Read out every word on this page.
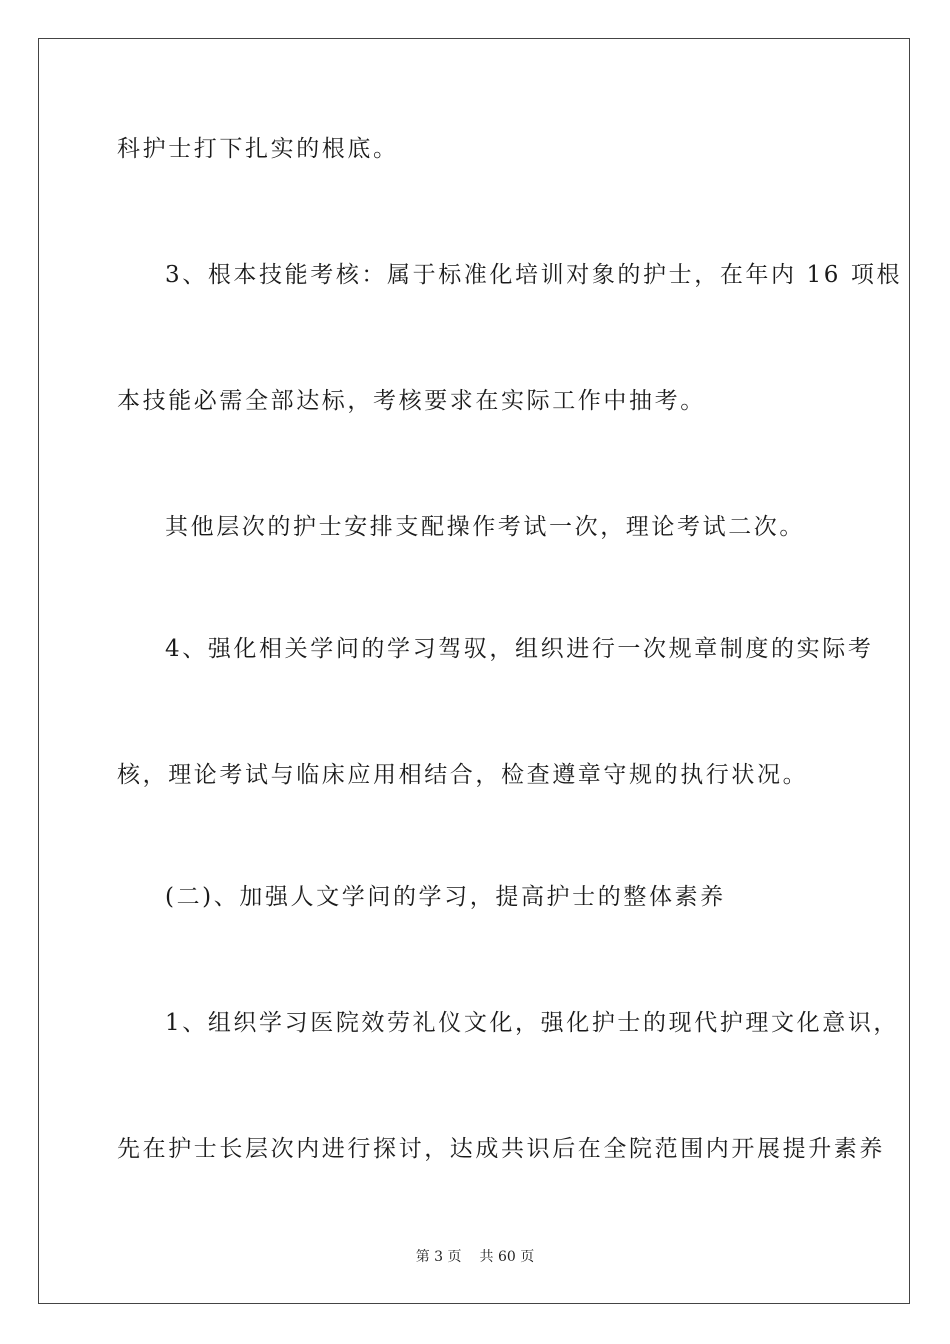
科护士打下扎实的根底。
3、根本技能考核：属于标准化培训对象的护士，在年内 16 项根
本技能必需全部达标，考核要求在实际工作中抽考。
其他层次的护士安排支配操作考试一次，理论考试二次。
4、强化相关学问的学习驾驭，组织进行一次规章制度的实际考
核，理论考试与临床应用相结合，检查遵章守规的执行状况。
(二)、加强人文学问的学习，提高护士的整体素养
1、组织学习医院效劳礼仪文化，强化护士的现代护理文化意识，
先在护士长层次内进行探讨，达成共识后在全院范围内开展提升素养
第 3 页 共 60 页
